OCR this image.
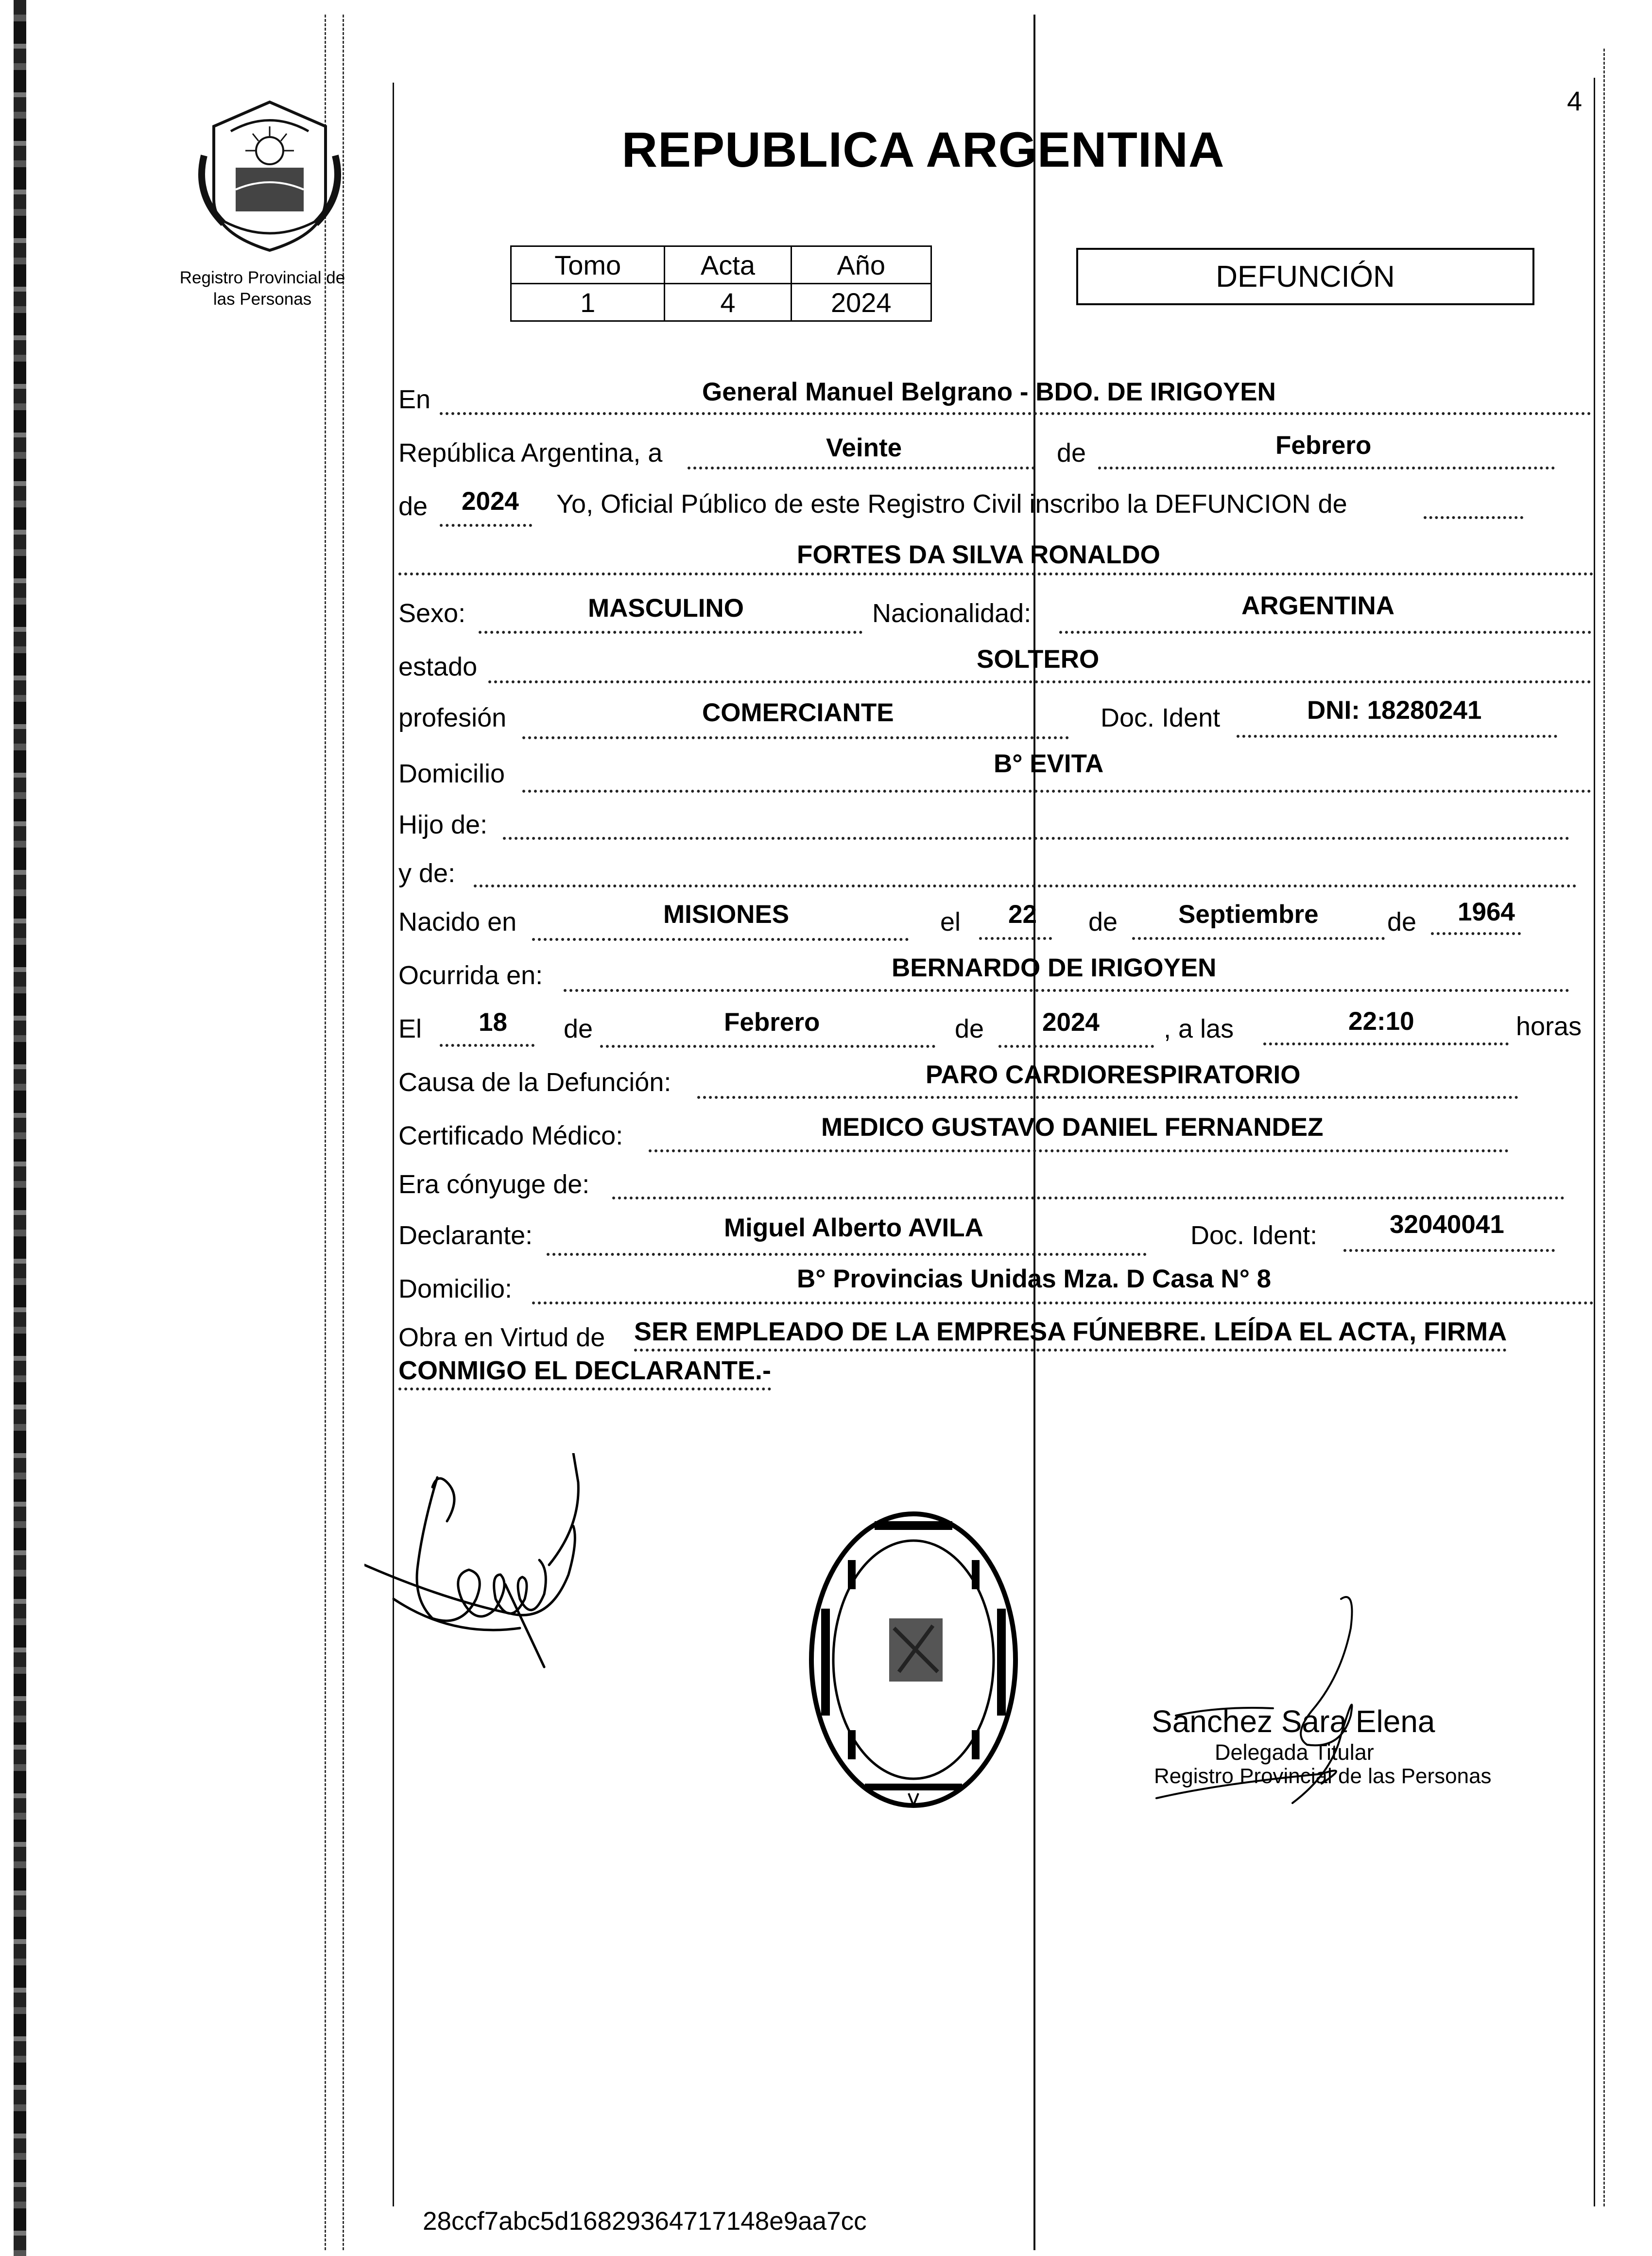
4
Registro Provincial de
las Personas
REPUBLICA ARGENTINA
Tomo	Acta	Año
1	4	2024
DEFUNCIÓN
En	General Manuel Belgrano - BDO. DE IRIGOYEN
República Argentina, a	Veinte	de	Febrero
de 2024 Yo, Oficial Público de este Registro Civil inscribo la DEFUNCION de
FORTES DA SILVA RONALDO
Sexo:	MASCULINO	Nacionalidad:	ARGENTINA
estado	SOLTERO
profesión	COMERCIANTE	Doc. Ident	DNI: 18280241
Domicilio	B° EVITA
Hijo de:
y de:
Nacido en	MISIONES	el 22 de Septiembre	de 1964
Ocurrida en:	BERNARDO DE IRIGOYEN
El 18 de	Febrero	de 2024 , a las	22:10	horas
Causa de la Defunción:	PARO CARDIORESPIRATORIO
Certificado Médico:	MEDICO GUSTAVO DANIEL FERNANDEZ
Era cónyuge de:
Declarante:	Miguel Alberto AVILA	Doc. Ident:	32040041
Domicilio:	B° Provincias Unidas Mza. D Casa N° 8
Obra en Virtud de SER EMPLEADO DE LA EMPRESA FÚNEBRE. LEÍDA EL ACTA, FIRMA
CONMIGO EL DECLARANTE.-
Sanchez Sara Elena
Delegada Titular
Registro Provincial de las Personas
28ccf7abc5d16829364717148e9aa7cc
